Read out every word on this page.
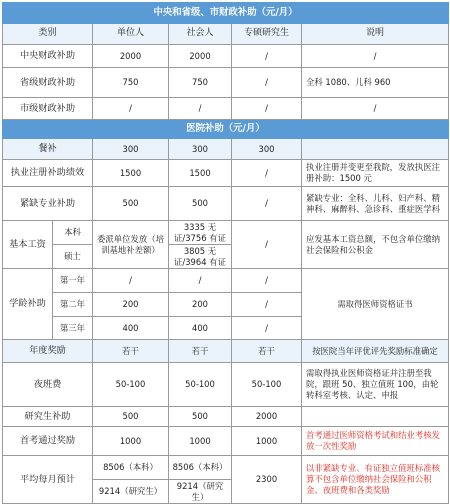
中央和省级、市财政补助（元/月）					
类别		单位人	社会人	专硕研究生	说明
中央财政补助		2000	2000	/	/
省级财政补助		750	750	/	全科 1080、儿科 960
市级财政补助		/	/	/	/
医院补助（元/月）					
餐补		300	300	300	
执业注册补助绩效		1500	1500	/	执业注册并变更至我院，发放执医注册补助：1500 元
紧缺专业补助		500	500	/	紧缺专业：全科、儿科、妇产科、精神科、麻醉科、急诊科、重症医学科
基本工资	本科	委派单位发放（培训基地补差额）	3335 无证/3756 有证	/	应发基本工资总额，不包含单位缴纳社会保险和公积金
	硕士		3805 无证/3964 有证		
学龄补助	第一年	/	/	/	需取得医师资格证书
	第二年	200	200	/	
	第三年	400	400	/	
年度奖励		若干	若干	若干	按医院当年评优评先奖励标准确定
夜班费		50-100	50-100	50-100	需取得执业医师资格证并注册至我院，跟班 50、独立值班 100，由轮转科室考核、认定、申报
研究生补助		500	500	2000	
首考通过奖励		1000	1000	1000	首考通过医师资格考试和结业考核发放一次性奖励
平均每月预计		8506（本科）	8506（本科）	2300	以非紧缺专业、有证独立值班标准核算不包含单位缴纳社会保险和公积金、夜班费和各类奖励
		9214（研究生）	9214（研究生）		
